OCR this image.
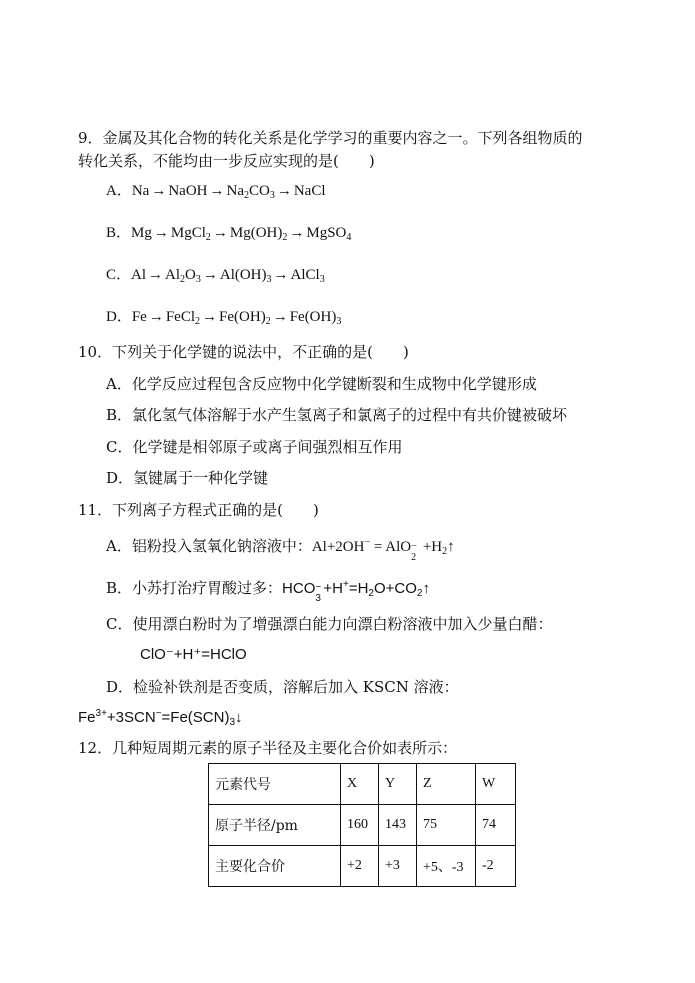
9．金属及其化合物的转化关系是化学学习的重要内容之一。下列各组物质的
转化关系，不能均由一步反应实现的是(　　)
A．Na → NaOH → $Na_2CO_3$ → NaCl
B．Mg → MgCl$_2$ → $Mg(OH)_2$ → MgSO$_4$
C．$Al \to Al_2O_3 \to Al(OH)_3$ → AlCl$_3$
D．Fe → FeCl$_2$ → $Fe(OH)_2 \to Fe(OH)_3$
10．下列关于化学键的说法中，不正确的是(　　)
A．化学反应过程包含反应物中化学键断裂和生成物中化学键形成
B．氯化氢气体溶解于水产生氢离子和氯离子的过程中有共价键被破坏
C．化学键是相邻原子或离子间强烈相互作用
D．氢键属于一种化学键
11．下列离子方程式正确的是(　　)
A．铝粉投入氢氧化钠溶液中：Al+2OH− = AlO −
2
$+H_2↑$
B．小苏打治疗胃酸过多：HCO −
3
$+H^+=H_2O+CO_2↑$
C．使用漂白粉时为了增强漂白能力向漂白粉溶液中加入少量白醋：
ClO⁻+H⁺=HClO
D．检验补铁剂是否变质，溶解后加入 KSCN 溶液：
$Fe^{3+}+3SCN^-=Fe(SCN)_3↓$
12．几种短周期元素的原子半径及主要化合价如表所示：
元素代号	X	Y	Z	W
原子半径/pm	160	143	75	74
主要化合价	+2	+3	+5、-3	-2
